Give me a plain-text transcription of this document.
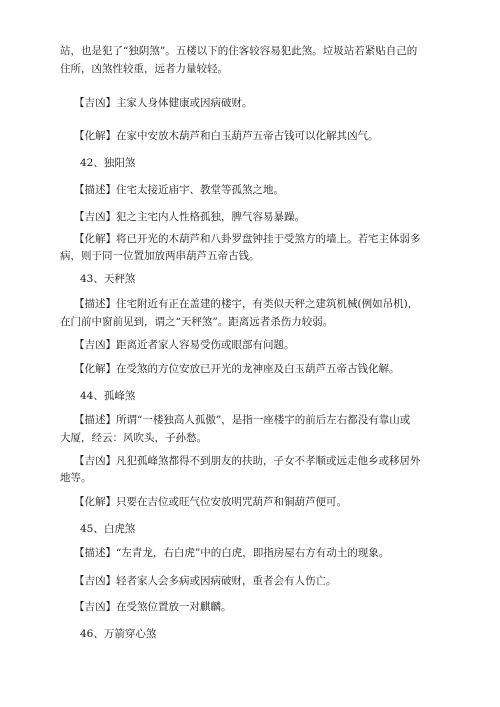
站，也是犯了“独阴煞”。五楼以下的住客较容易犯此煞。垃圾站若紧贴自己的
住所，凶煞性较重，远者力量较轻。
【吉凶】主家人身体健康或因病破财。
【化解】在家中安放木葫芦和白玉葫芦五帝古钱可以化解其凶气。
42、独阳煞
【描述】住宅太接近庙宇、教堂等孤煞之地。
【吉凶】犯之主宅内人性格孤独，脾气容易暴躁。
【化解】将已开光的木葫芦和八卦罗盘钟挂于受煞方的墙上。若宅主体弱多
病，则于同一位置加放两串葫芦五帝古钱。
43、天秤煞
【描述】住宅附近有正在盖建的楼宇，有类似天秤之建筑机械(例如吊机)，
在门前中窗前见到，谓之“天秤煞”。距离远者杀伤力较弱。
【吉凶】距离近者家人容易受伤或眼部有问题。
【化解】在受煞的方位安放已开光的龙神座及白玉葫芦五帝古钱化解。
44、孤峰煞
【描述】所谓“一楼独高人孤傲”，是指一座楼宇的前后左右都没有靠山或
大厦，经云：风吹头，子孙愁。
【吉凶】凡犯孤峰煞都得不到朋友的扶助，子女不孝顺或远走他乡或移居外
地等。
【化解】只要在吉位或旺气位安放明咒葫芦和铜葫芦便可。
45、白虎煞
【描述】“左青龙，右白虎”中的白虎，即指房屋右方有动土的现象。
【吉凶】轻者家人会多病或因病破财，重者会有人伤亡。
【吉凶】在受煞位置放一对麒麟。
46、万箭穿心煞
